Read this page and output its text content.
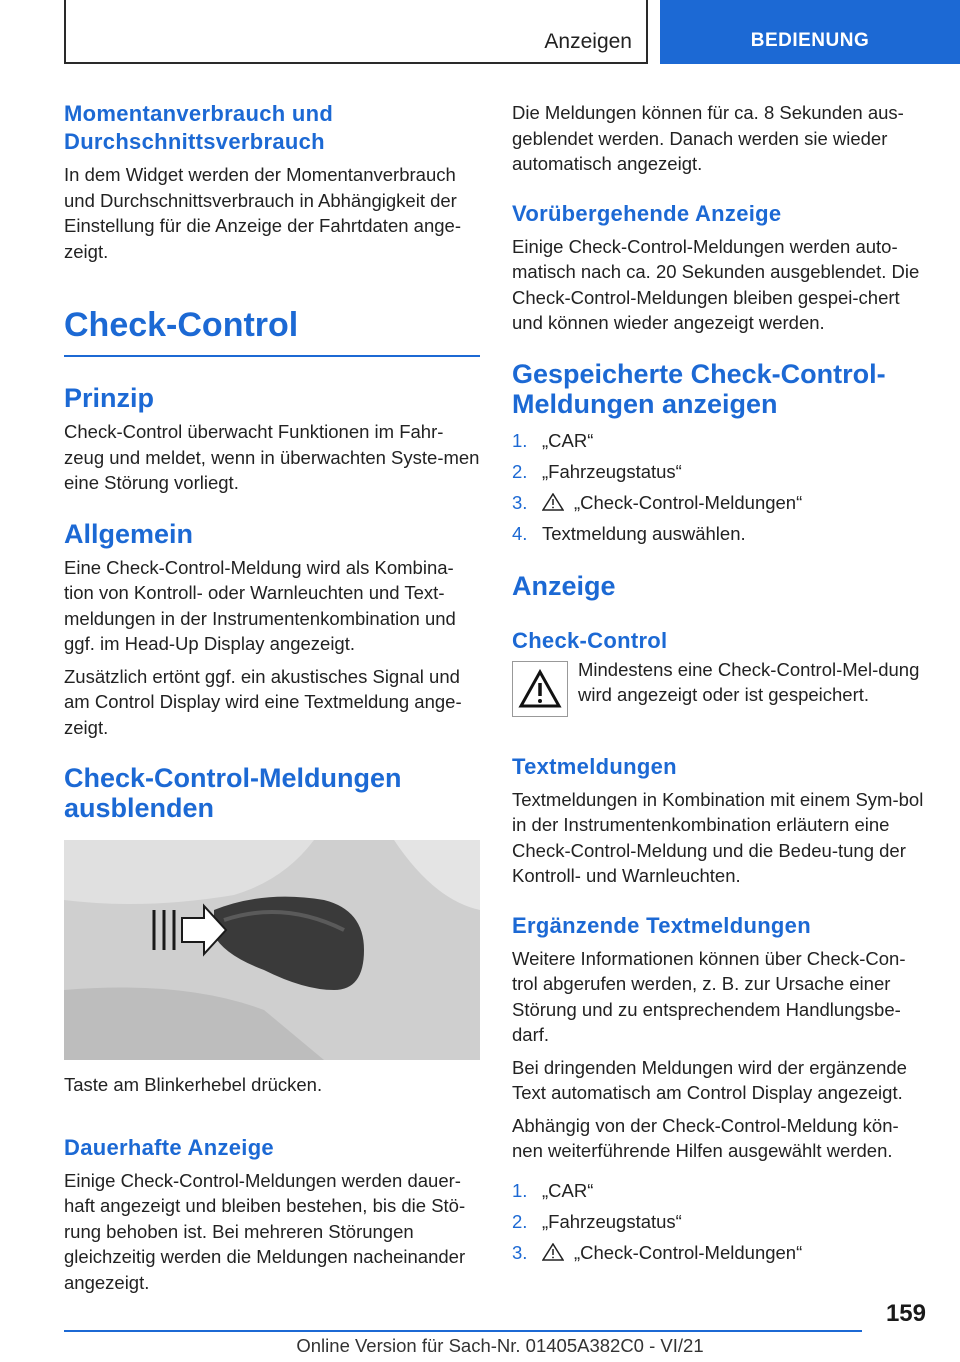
Anzeigen	BEDIENUNG
Momentanverbrauch und Durchschnittsverbrauch

In dem Widget werden der Momentanverbrauch und Durchschnittsverbrauch in Abhängigkeit der Einstellung für die Anzeige der Fahrtdaten ange-zeigt.

Check-Control
Prinzip

Check-Control überwacht Funktionen im Fahr-zeug und meldet, wenn in überwachten Syste-men eine Störung vorliegt.

Allgemein

Eine Check-Control-Meldung wird als Kombina-tion von Kontroll- oder Warnleuchten und Text-meldungen in der Instrumentenkombination und ggf. im Head-Up Display angezeigt.

Zusätzlich ertönt ggf. ein akustisches Signal und am Control Display wird eine Textmeldung ange-zeigt.

Check-Control-Meldungen ausblenden

Taste am Blinkerhebel drücken.

Dauerhafte Anzeige

Einige Check-Control-Meldungen werden dauer-haft angezeigt und bleiben bestehen, bis die Stö-rung behoben ist. Bei mehreren Störungen gleichzeitig werden die Meldungen nacheinander angezeigt.

Die Meldungen können für ca. 8 Sekunden aus-geblendet werden. Danach werden sie wieder automatisch angezeigt.

Vorübergehende Anzeige

Einige Check-Control-Meldungen werden auto-matisch nach ca. 20 Sekunden ausgeblendet. Die Check-Control-Meldungen bleiben gespei-chert und können wieder angezeigt werden.

Gespeicherte Check-Control-Meldungen anzeigen
1. „CAR“
2. „Fahrzeugstatus“
3.	„Check-Control-Meldungen“
4. Textmeldung auswählen.
Anzeige
Check-Control

Mindestens eine Check-Control-Mel-dung wird angezeigt oder ist gespeichert.

Textmeldungen

Textmeldungen in Kombination mit einem Sym-bol in der Instrumentenkombination erläutern eine Check-Control-Meldung und die Bedeu-tung der Kontroll- und Warnleuchten.

Ergänzende Textmeldungen

Weitere Informationen können über Check-Con-trol abgerufen werden, z. B. zur Ursache einer Störung und zu entsprechendem Handlungsbe-darf.

Bei dringenden Meldungen wird der ergänzende Text automatisch am Control Display angezeigt.

Abhängig von der Check-Control-Meldung kön-nen weiterführende Hilfen ausgewählt werden.

1. „CAR“
2. „Fahrzeugstatus“
3.	„Check-Control-Meldungen“
159
Online Version für Sach-Nr. 01405A382C0 - VI/21
